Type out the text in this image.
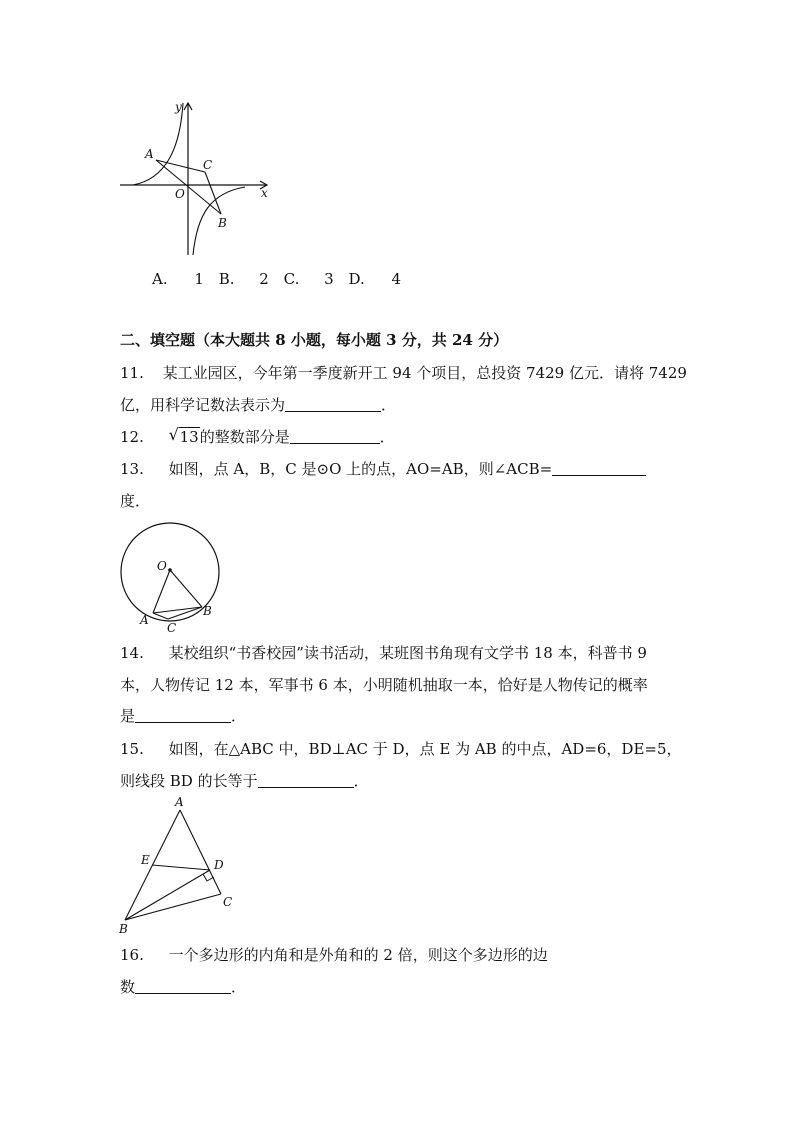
y
x
O
A
B
C
A. 1 B. 2 C. 3 D. 4
二、填空题（本大题共 8 小题，每小题 3 分，共 24 分）
11. 某工业园区，今年第一季度新开工 94 个项目，总投资 7429 亿元．请将 7429
亿，用科学记数法表示为	．
12. √ 13的整数部分是	．
13. 如图，点 A，B，C 是⊙O 上的点，AO=AB，则∠ACB=
度．
O
A
B
C
14. 某校组织“书香校园”读书活动，某班图书角现有文学书 18 本，科普书 9
本，人物传记 12 本，军事书 6 本，小明随机抽取一本，恰好是人物传记的概率
是	．
15. 如图，在△ABC 中，BD⊥AC 于 D，点 E 为 AB 的中点，AD=6，DE=5，
则线段 BD 的长等于	．
A
E	D
C
B
16. 一个多边形的内角和是外角和的 2 倍，则这个多边形的边
数	．
